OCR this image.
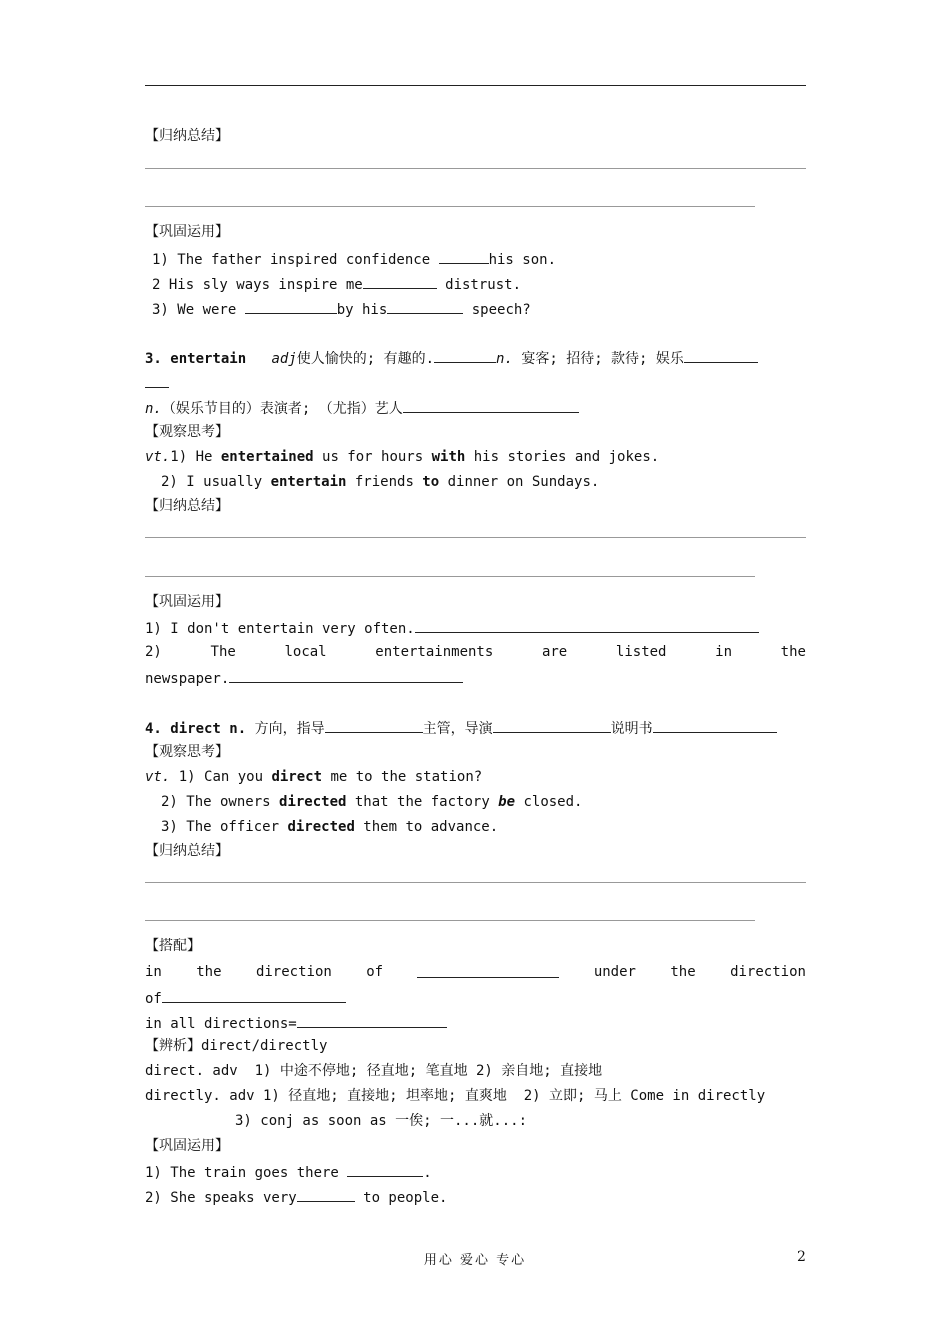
【归纳总结】
【巩固运用】
1) The father inspired confidence	his son.
2 His sly ways inspire me	distrust.
3) We were	by his	speech?
3. entertain adj使人愉快的; 有趣的.	n. 宴客; 招待; 款待; 娱乐
n.（娱乐节目的）表演者; （尤指）艺人
【观察思考】
vt.1) He entertained us for hours with his stories and jokes.
2) I usually entertain friends to dinner on Sundays.
【归纳总结】
【巩固运用】
1) I don't entertain very often.
2)	The	local	entertainments	are	listed	in	the
newspaper.
4. direct n. 方向，指导	主管，导演	说明书
【观察思考】
vt. 1) Can you direct me to the station?
2) The owners directed that the factory be closed.
3) The officer directed them to advance.
【归纳总结】
【搭配】
in the direction of	under the direction
of
in all directions=
【辨析】direct/directly
direct. adv  1) 中途不停地; 径直地; 笔直地 2) 亲自地; 直接地
directly. adv 1) 径直地; 直接地; 坦率地; 直爽地  2) 立即; 马上 Come in directly
3) conj as soon as 一俟; 一...就...:
【巩固运用】
1) The train goes there	.
2) She speaks very	to people.
用心 爱心 专心	2
